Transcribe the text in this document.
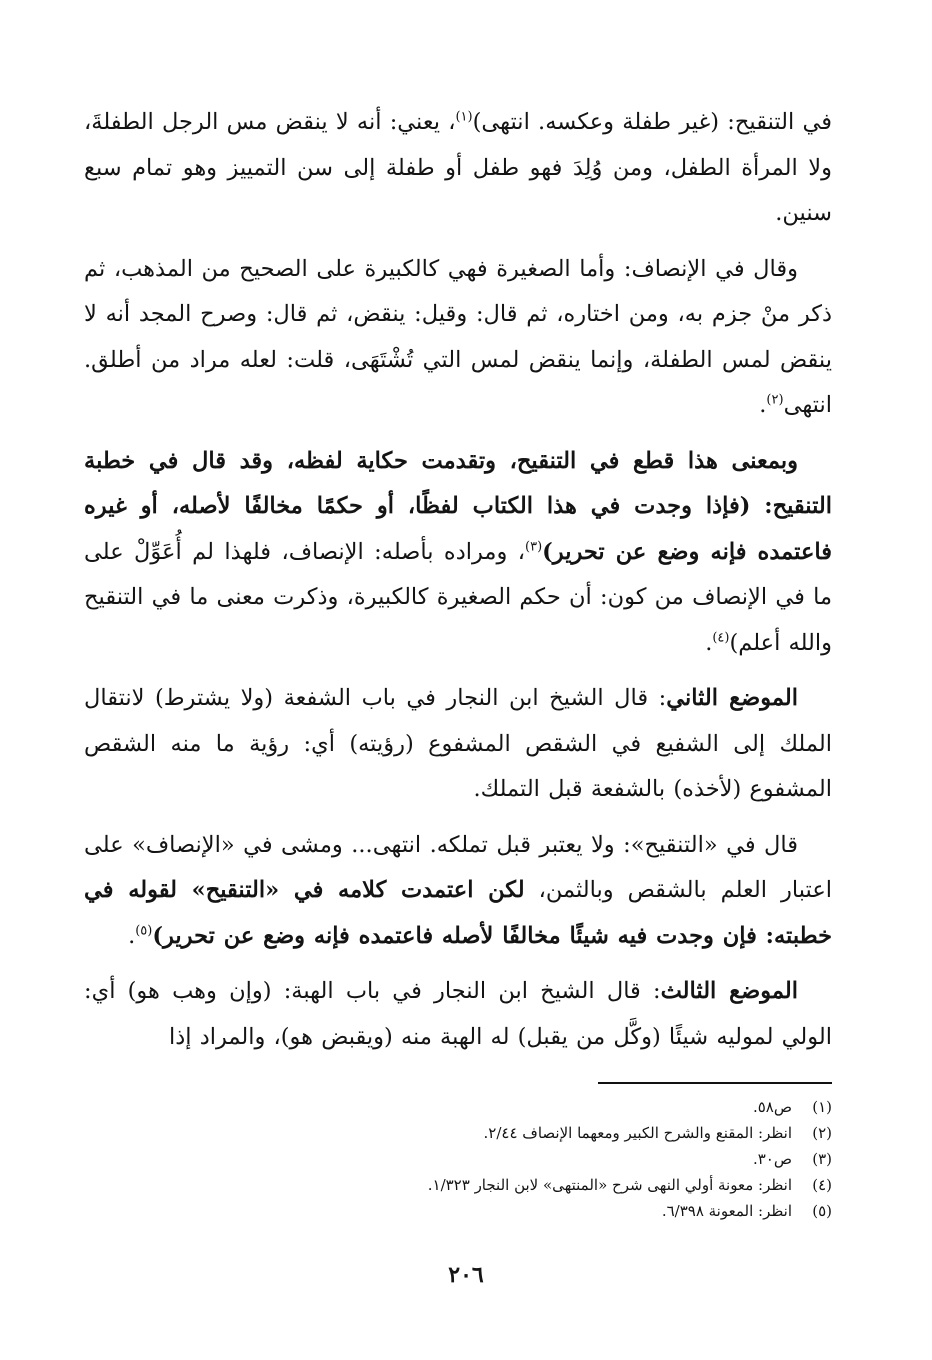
في التنقيح: (غير طفلة وعكسه. انتهى)$^{(١)}$، يعني: أنه لا ينقض مس الرجل الطفلةَ، ولا المرأة الطفل، ومن وُلِدَ فهو طفل أو طفلة إلى سن التمييز وهو تمام سبع سنين.

وقال في الإنصاف: وأما الصغيرة فهي كالكبيرة على الصحيح من المذهب، ثم ذكر منْ جزم به، ومن اختاره، ثم قال: وقيل: ينقض، ثم قال: وصرح المجد أنه لا ينقض لمس الطفلة، وإنما ينقض لمس التي تُشْتَهَى، قلت: لعله مراد من أطلق. انتهى$^{(٢)}$.

وبمعنى هذا قطع في التنقيح، وتقدمت حكاية لفظه، وقد قال في خطبة التنقيح: (فإذا وجدت في هذا الكتاب لفظًا، أو حكمًا مخالفًا لأصله، أو غيره فاعتمده فإنه وضع عن تحرير)$^{(٣)}$، ومراده بأصله: الإنصاف، فلهذا لم أُعَوِّلْ على ما في الإنصاف من كون: أن حكم الصغيرة كالكبيرة، وذكرت معنى ما في التنقيح والله أعلم)$^{(٤)}$.

الموضع الثاني: قال الشيخ ابن النجار في باب الشفعة (ولا يشترط) لانتقال الملك إلى الشفيع في الشقص المشفوع (رؤيته) أي: رؤية ما منه الشقص المشفوع (لأخذه) بالشفعة قبل التملك.

قال في «التنقيح»: ولا يعتبر قبل تملكه. انتهى... ومشى في «الإنصاف» على اعتبار العلم بالشقص وبالثمن، لكن اعتمدت كلامه في «التنقيح» لقوله في خطبته: فإن وجدت فيه شيئًا مخالفًا لأصله فاعتمده فإنه وضع عن تحرير)$^{(٥)}$.

الموضع الثالث: قال الشيخ ابن النجار في باب الهبة: (وإن وهب هو) أي: الولي لموليه شيئًا (وكَّل من يقبل) له الهبة منه (ويقبض هو)، والمراد إذا

(١)ص٥٨.
(٢)انظر: المقنع والشرح الكبير ومعهما الإنصاف ٢/٤٤.
(٣)ص٣٠.
(٤)انظر: معونة أولي النهى شرح «المنتهى» لابن النجار ١/٣٢٣.
(٥)انظر: المعونة ٦/٣٩٨.
٢٠٦
